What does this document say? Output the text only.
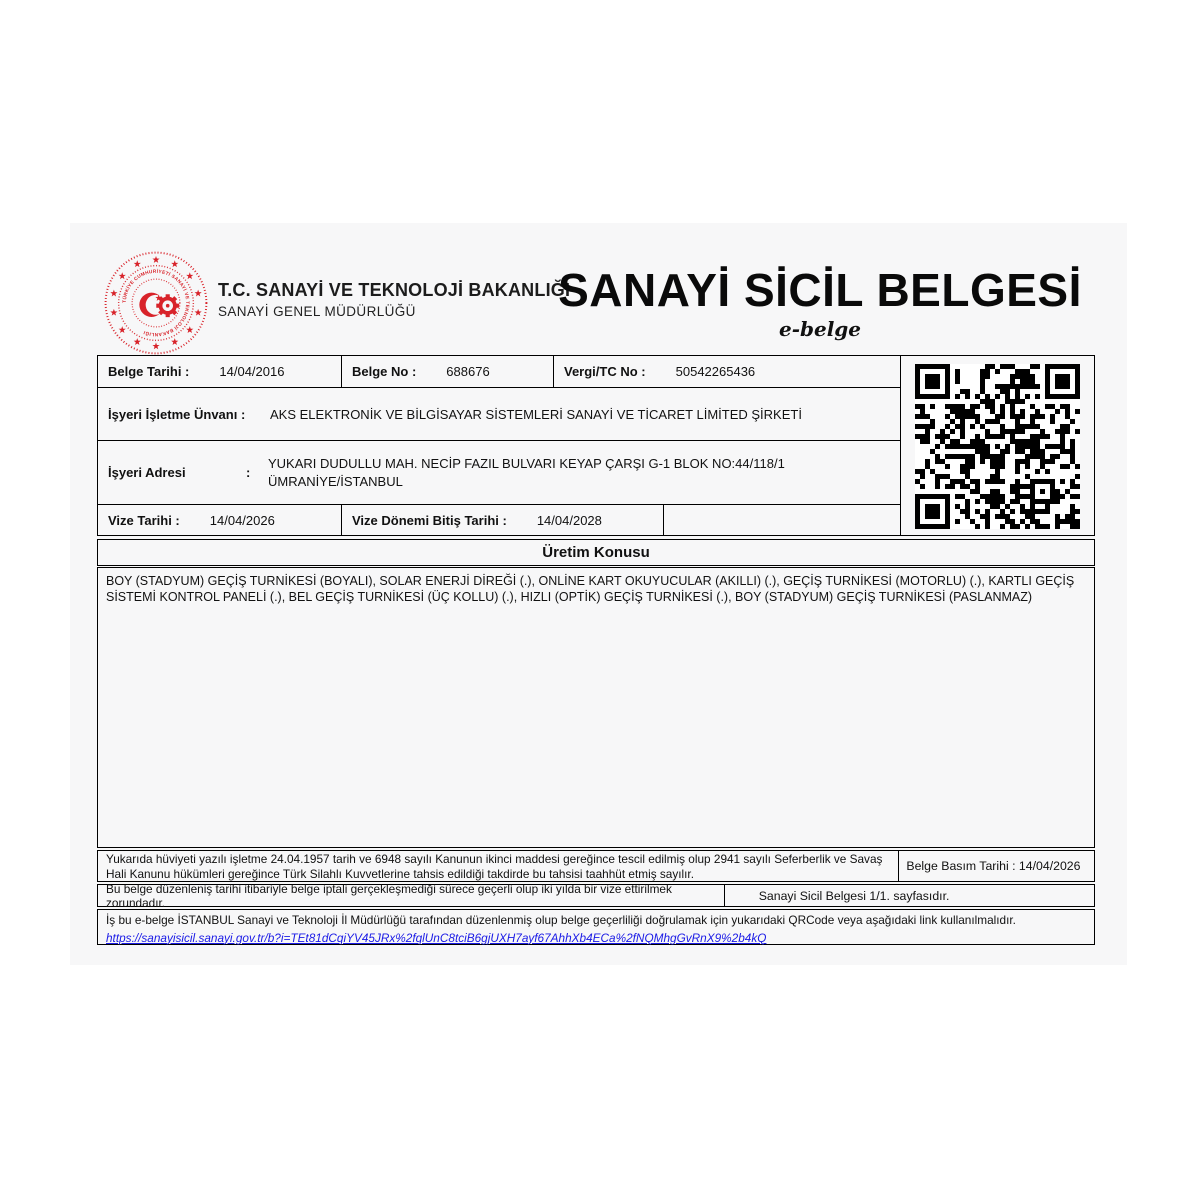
TÜRKİYE CUMHURİYETİ SANAYİ VE TEKNOLOJİ BAKANLIĞI
T.C. SANAYİ VE TEKNOLOJİ BAKANLIĞI
SANAYİ GENEL MÜDÜRLÜĞÜ	SANAYİ SİCİL BELGESİ
e-belge
Belge Tarihi : 14/04/2016	Belge No : 688676	Vergi/TC No : 50542265436
İşyeri İşletme Ünvanı :	AKS ELEKTRONİK VE BİLGİSAYAR SİSTEMLERİ SANAYİ VE TİCARET LİMİTED ŞİRKETİ
İşyeri Adresi	:
YUKARI DUDULLU MAH. NECİP FAZIL BULVARI KEYAP ÇARŞI G-1 BLOK NO:44/118/1
ÜMRANİYE/İSTANBUL
Vize Tarihi : 14/04/2026	Vize Dönemi Bitiş Tarihi : 14/04/2028
Üretim Konusu
BOY (STADYUM) GEÇİŞ TURNİKESİ (BOYALI), SOLAR ENERJİ DİREĞİ (.), ONLİNE KART OKUYUCULAR (AKILLI) (.), GEÇİŞ TURNİKESİ (MOTORLU) (.), KARTLI GEÇİŞ SİSTEMİ KONTROL PANELİ (.), BEL GEÇİŞ TURNİKESİ (ÜÇ KOLLU) (.), HIZLI (OPTİK) GEÇİŞ TURNİKESİ (.), BOY (STADYUM) GEÇİŞ TURNİKESİ (PASLANMAZ)
Yukarıda hüviyeti yazılı işletme 24.04.1957 tarih ve 6948 sayılı Kanunun ikinci maddesi gereğince tescil edilmiş olup 2941 sayılı Seferberlik ve Savaş Hali Kanunu hükümleri gereğince Türk Silahlı Kuvvetlerine tahsis edildiği takdirde bu tahsisi taahhüt etmiş sayılır.
Belge Basım Tarihi : 14/04/2026
Bu belge düzenleniş tarihi itibariyle belge iptali gerçekleşmediği sürece geçerli olup iki yılda bir vize ettirilmek zorundadır.	Sanayi Sicil Belgesi 1/1. sayfasıdır.
İş bu e-belge İSTANBUL Sanayi ve Teknoloji İl Müdürlüğü tarafından düzenlenmiş olup belge geçerliliği doğrulamak için yukarıdaki QRCode veya aşağıdaki link kullanılmalıdır.
https://sanayisicil.sanayi.gov.tr/b?i=TEt81dCqiYV45JRx%2fqlUnC8tciB6gjUXH7ayf67AhhXb4ECa%2fNQMhgGvRnX9%2b4kQ
